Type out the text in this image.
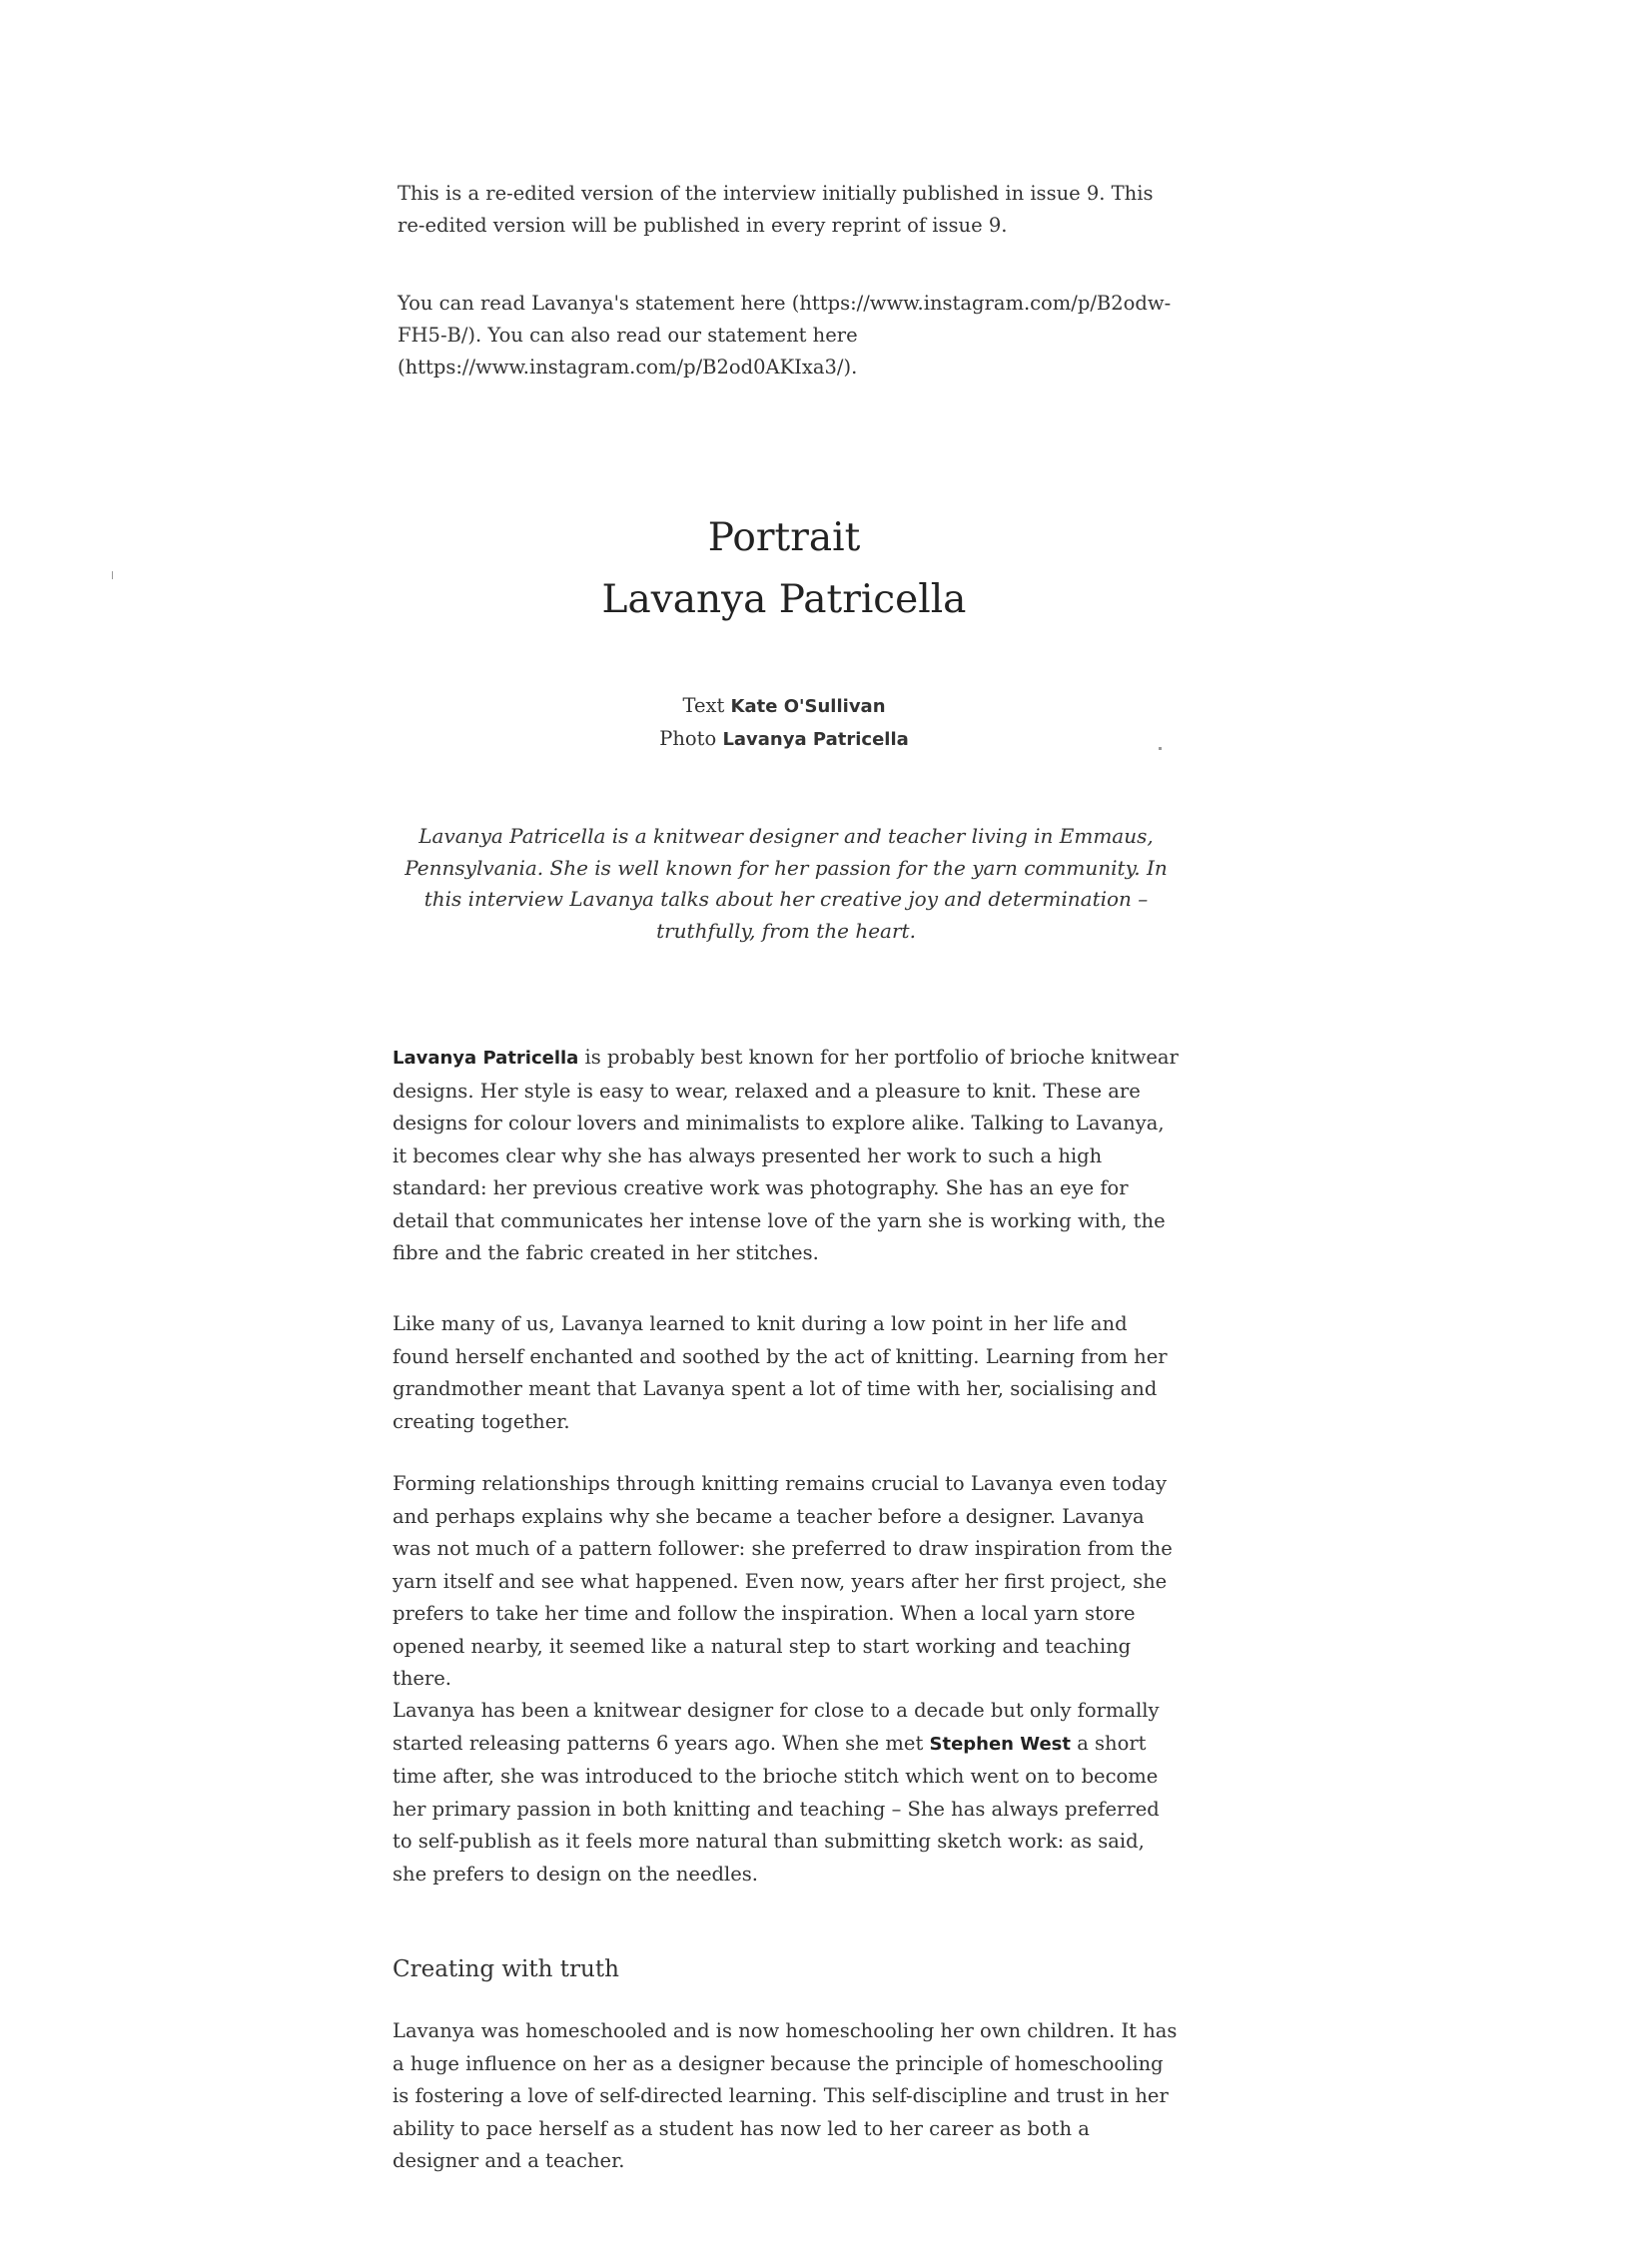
This is a re-edited version of the interview initially published in issue 9. This re-edited version will be published in every reprint of issue 9.

You can read Lavanya's statement here (https://www.instagram.com/p/B2odw-FH5-B/). You can also read our statement here (https://www.instagram.com/p/B2od0AKIxa3/).

Portrait
Lavanya Patricella
Text Kate O'Sullivan
Photo Lavanya Patricella

Lavanya Patricella is a knitwear designer and teacher living in Emmaus, Pennsylvania. She is well known for her passion for the yarn community. In this interview Lavanya talks about her creative joy and determination – truthfully, from the heart.

Lavanya Patricella is probably best known for her portfolio of brioche knitwear designs. Her style is easy to wear, relaxed and a pleasure to knit. These are designs for colour lovers and minimalists to explore alike. Talking to Lavanya, it becomes clear why she has always presented her work to such a high standard: her previous creative work was photography. She has an eye for detail that communicates her intense love of the yarn she is working with, the fibre and the fabric created in her stitches.

Like many of us, Lavanya learned to knit during a low point in her life and found herself enchanted and soothed by the act of knitting. Learning from her grandmother meant that Lavanya spent a lot of time with her, socialising and creating together.

Forming relationships through knitting remains crucial to Lavanya even today and perhaps explains why she became a teacher before a designer. Lavanya was not much of a pattern follower: she preferred to draw inspiration from the yarn itself and see what happened. Even now, years after her first project, she prefers to take her time and follow the inspiration. When a local yarn store opened nearby, it seemed like a natural step to start working and teaching there.

Lavanya has been a knitwear designer for close to a decade but only formally started releasing patterns 6 years ago. When she met Stephen West a short time after, she was introduced to the brioche stitch which went on to become her primary passion in both knitting and teaching – She has always preferred to self-publish as it feels more natural than submitting sketch work: as said, she prefers to design on the needles.

Creating with truth

Lavanya was homeschooled and is now homeschooling her own children. It has a huge influence on her as a designer because the principle of homeschooling is fostering a love of self-directed learning. This self-discipline and trust in her ability to pace herself as a student has now led to her career as both a designer and a teacher.
